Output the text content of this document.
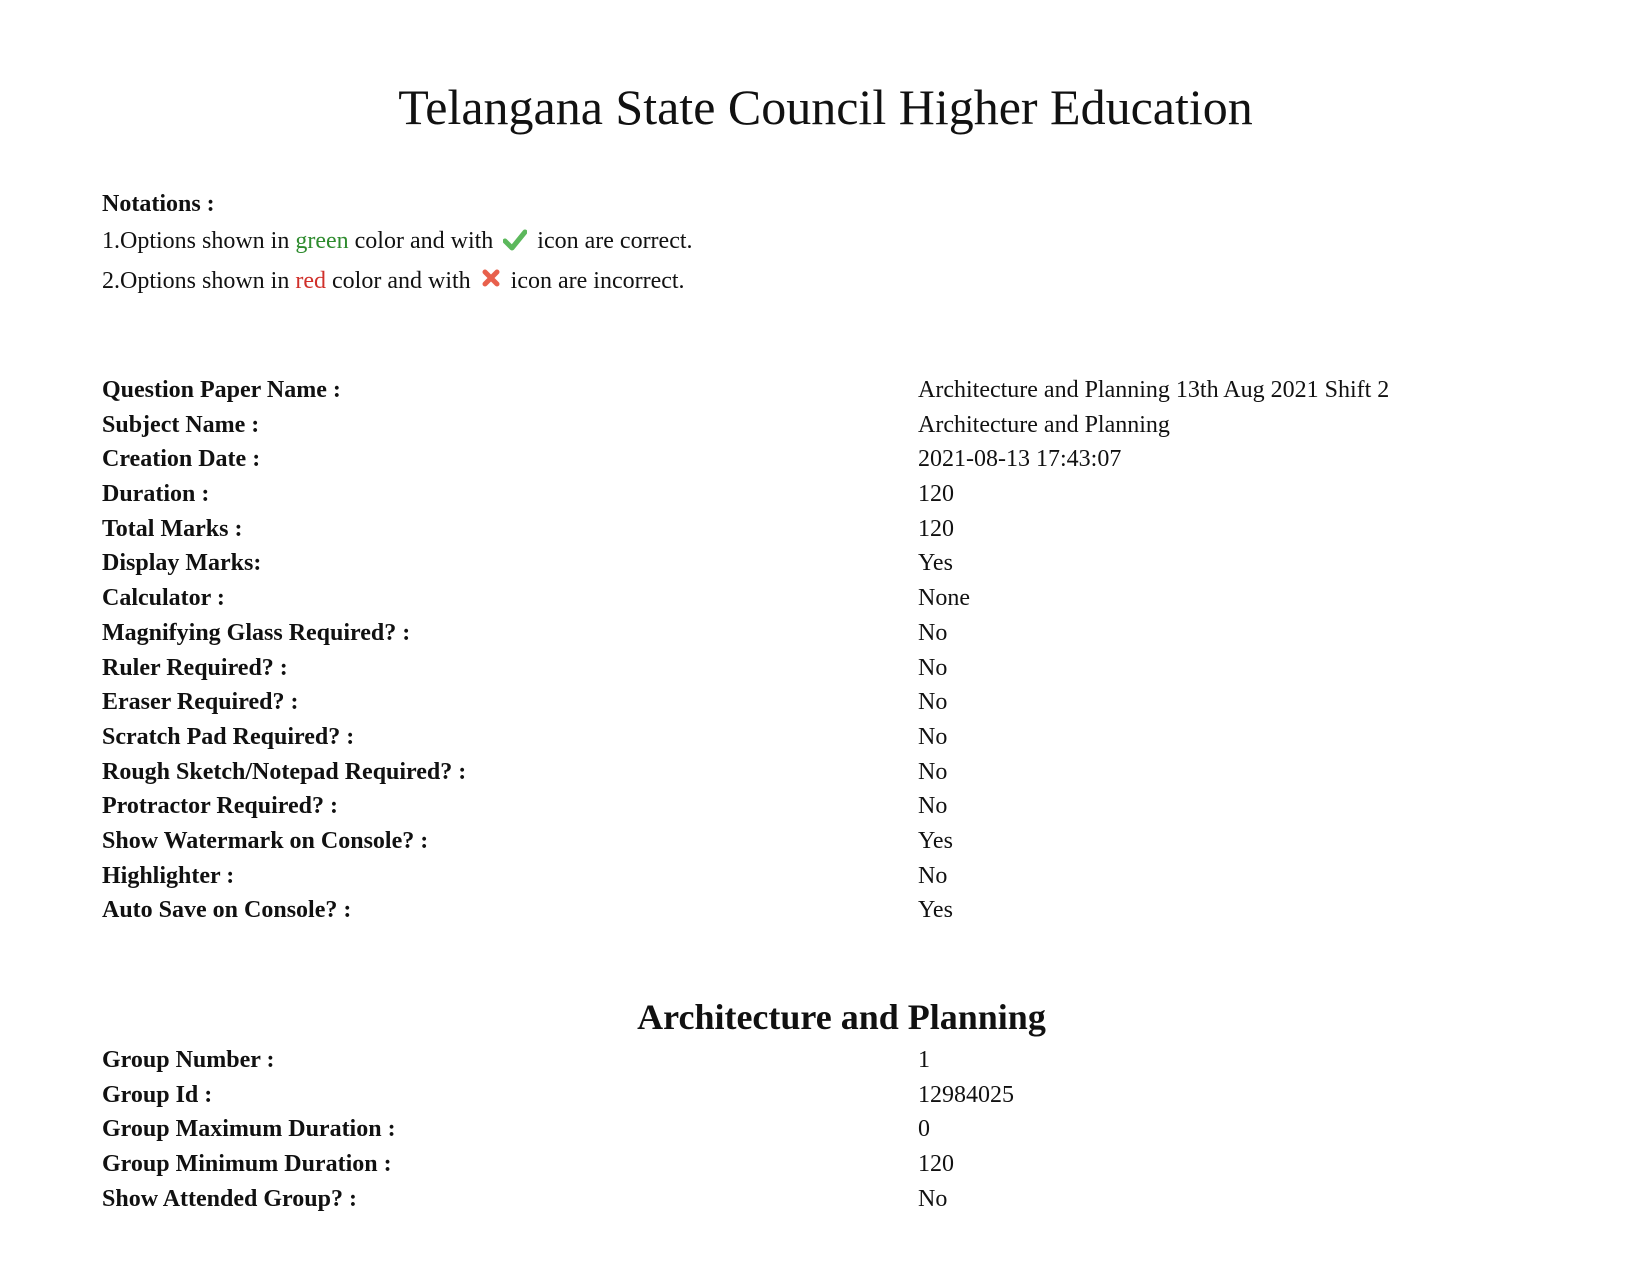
Telangana State Council Higher Education
Notations :
1.Options shown in green color and with  icon are correct.
2.Options shown in red color and with  icon are incorrect.
Question Paper Name :	Architecture and Planning 13th Aug 2021 Shift 2
Subject Name :	Architecture and Planning
Creation Date :	2021-08-13 17:43:07
Duration :	120
Total Marks :	120
Display Marks:	Yes
Calculator :	None
Magnifying Glass Required? :	No
Ruler Required? :	No
Eraser Required? :	No
Scratch Pad Required? :	No
Rough Sketch/Notepad Required? :	No
Protractor Required? :	No
Show Watermark on Console? :	Yes
Highlighter :	No
Auto Save on Console? :	Yes
Architecture and Planning
Group Number :	1
Group Id :	12984025
Group Maximum Duration :	0
Group Minimum Duration :	120
Show Attended Group? :	No
